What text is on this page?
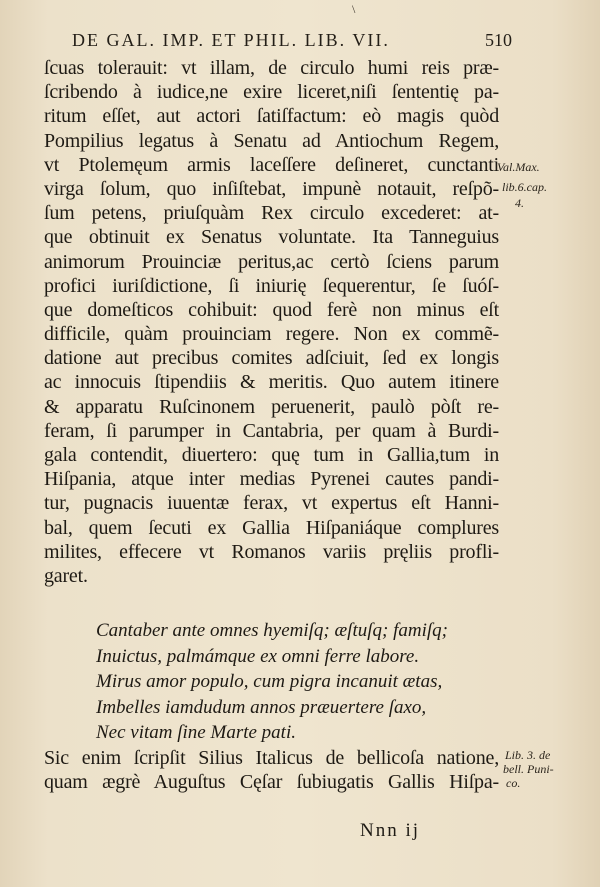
\
DE GAL. IMP. ET PHIL. LIB. VII.	510
ſcuas tolerauit: vt illam, de circulo humi reis præ-
ſcribendo à iudice,ne exire liceret,niſi ſententię pa-
ritum eſſet, aut actori ſatiſfactum: eò magis quòd
Pompilius legatus à Senatu ad Antiochum Regem,
vt Ptolemęum armis laceſſere deſineret, cunctanti
virga ſolum, quo inſiſtebat, impunè notauit, reſpõ-
ſum petens, priuſquàm Rex circulo excederet: at-
que obtinuit ex Senatus voluntate. Ita Tanneguius
animorum Prouinciæ peritus,ac certò ſciens parum
profici iuriſdictione, ſi iniurię ſequerentur, ſe ſuóſ-
que domeſticos cohibuit: quod ferè non minus eſt
difficile, quàm prouinciam regere. Non ex commẽ-
datione aut precibus comites adſciuit, ſed ex longis
ac innocuis ſtipendiis & meritis. Quo autem itinere
& apparatu Ruſcinonem peruenerit, paulò pòſt re-
feram, ſi parumper in Cantabria, per quam à Burdi-
gala contendit, diuertero: quę tum in Gallia,tum in
Hiſpania, atque inter medias Pyrenei cautes pandi-
tur, pugnacis iuuentæ ferax, vt expertus eſt Hanni-
bal, quem ſecuti ex Gallia Hiſpaniáque complures
milites, effecere vt Romanos variis pręliis profli-
garet.
Cantaber ante omnes hyemiſq; æſtuſq; famiſq;
Inuictus, palmámque ex omni ferre labore.
Mirus amor populo, cum pigra incanuit ætas,
Imbelles iamdudum annos præuertere ſaxo,
Nec vitam ſine Marte pati.
Sic enim ſcripſit Silius Italicus de bellicoſa natione,
quam ægrè Auguſtus Cęſar ſubiugatis Gallis Hiſpa-
Val.Max.
lib.6.cap.
4.
Lib. 3. de
bell. Puni-
co.
Nnn ij
